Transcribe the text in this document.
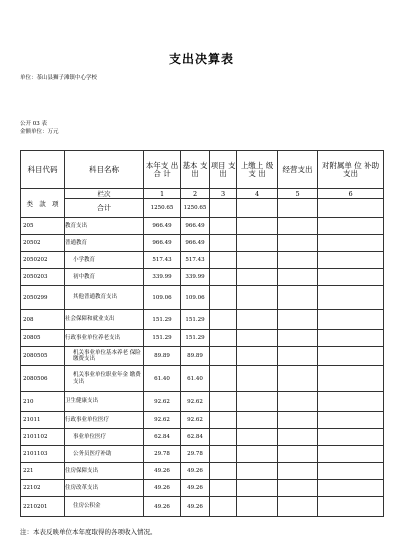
支出决算表
单位：茶山县狮子滩镇中心学校
公开 03 表
金额单位：万元
科目代码	科目名称	本年支 出 合 计	基本 支 出	项目 支 出	上缴上 级 支 出	经营支出	对附属单 位 补助 支出
类 款 项	栏次	1	2	3	4	5	6
	合计	1250.65	1250.65				
205	教育支出	966.49	966.49				
20502	普通教育	966.49	966.49				
2050202	小学教育	517.43	517.43				
2050203	初中教育	339.99	339.99				
2050299	其他普通教育支出	109.06	109.06				
208	社会保障和就业支出	151.29	151.29				
20805	行政事业单位养老支出	151.29	151.29				
2080505	机关事业单位基本养老 保险缴费支出	89.89	89.89				
2080506	机关事业单位职业年金 缴费支出	61.40	61.40				
210	卫生健康支出	92.62	92.62				
21011	行政事业单位医疗	92.62	92.62				
2101102	事业单位医疗	62.84	62.84				
2101103	公务员医疗补助	29.78	29.78				
221	住房保障支出	49.26	49.26				
22102	住房改革支出	49.26	49.26				
2210201	住房公积金	49.26	49.26				
注：本表反映单位本年度取得的各项收入情况。
